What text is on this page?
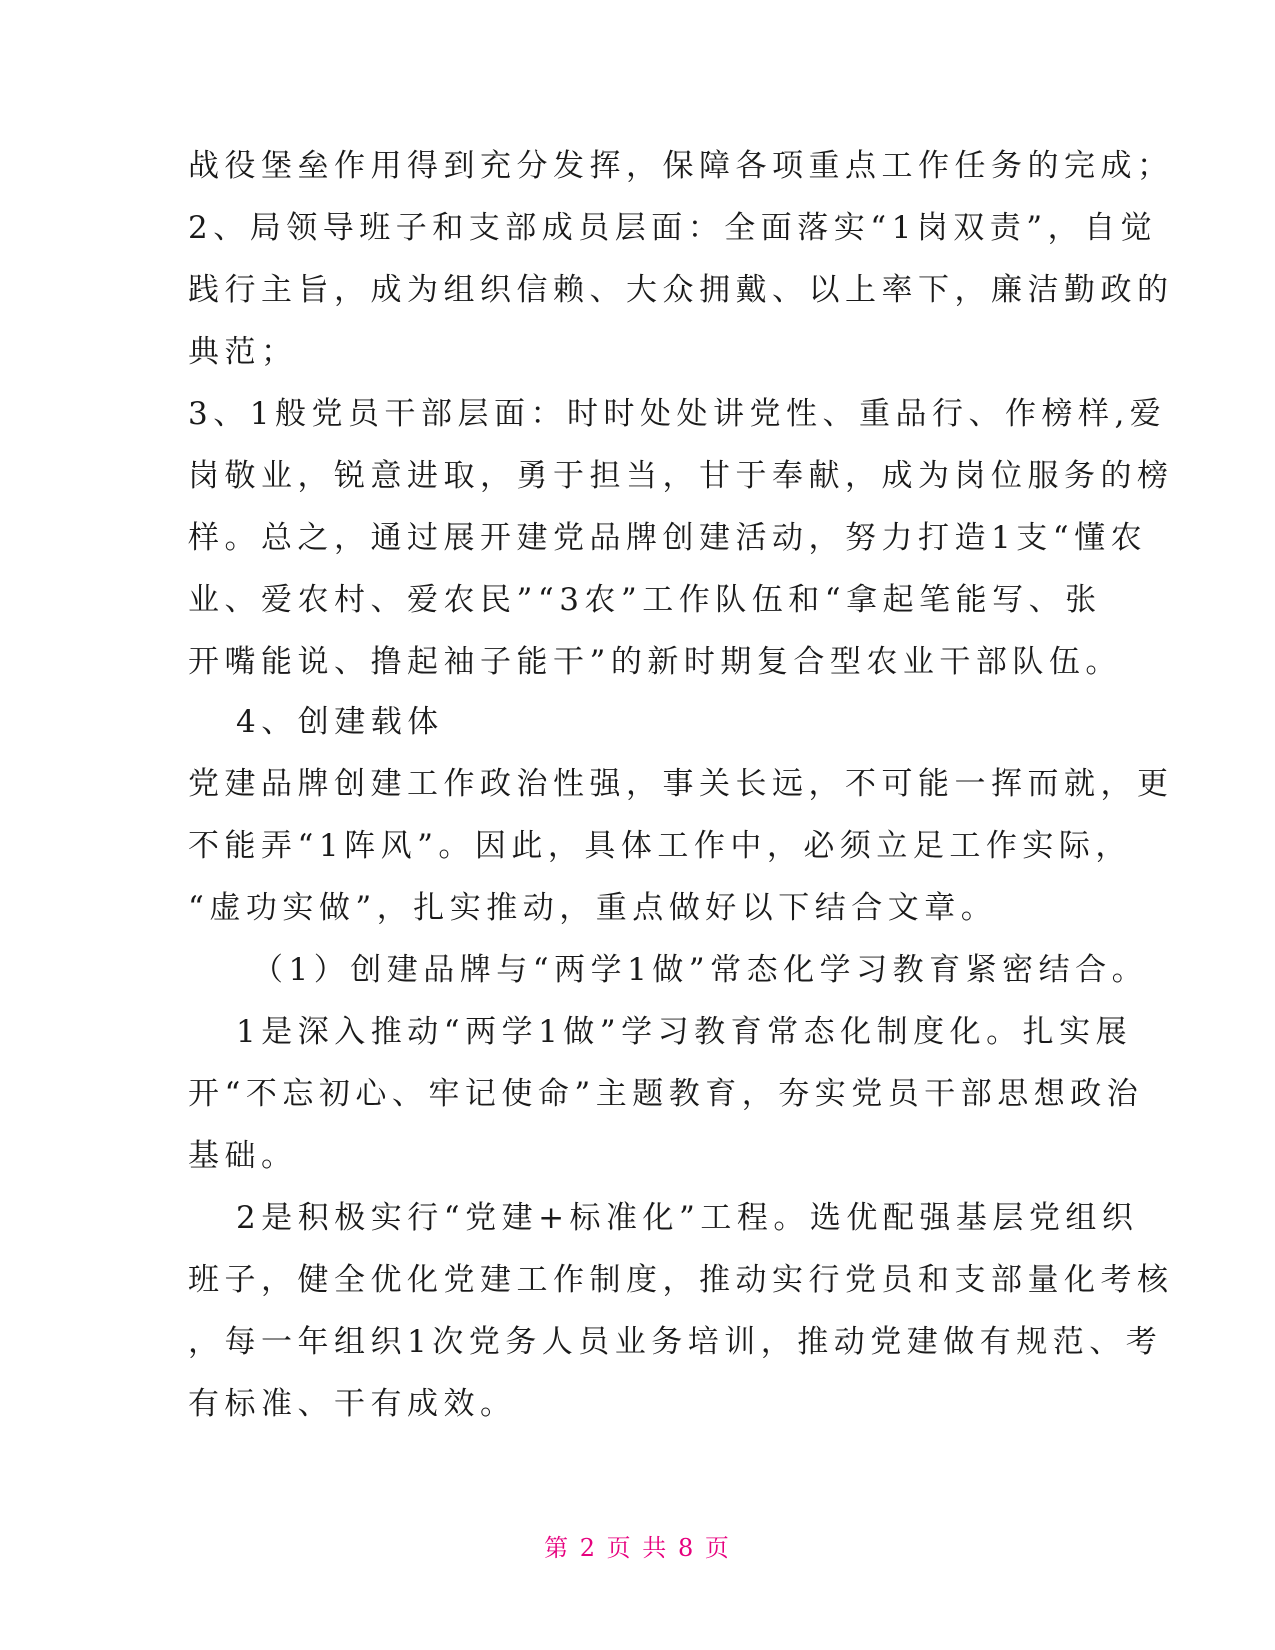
战役堡垒作用得到充分发挥，保障各项重点工作任务的完成；
2、局领导班子和支部成员层面：全面落实“1岗双责”，自觉
践行主旨，成为组织信赖、大众拥戴、以上率下，廉洁勤政的
典范；
3、1般党员干部层面：时时处处讲党性、重品行、作榜样,爱
岗敬业，锐意进取，勇于担当，甘于奉献，成为岗位服务的榜
样。总之，通过展开建党品牌创建活动，努力打造1支“懂农
业、爱农村、爱农民”“3农”工作队伍和“拿起笔能写、张
开嘴能说、撸起袖子能干”的新时期复合型农业干部队伍。
4、创建载体
党建品牌创建工作政治性强，事关长远，不可能一挥而就，更
不能弄“1阵风”。因此，具体工作中，必须立足工作实际，
“虚功实做”，扎实推动，重点做好以下结合文章。
（1）创建品牌与“两学1做”常态化学习教育紧密结合。
1是深入推动“两学1做”学习教育常态化制度化。扎实展
开“不忘初心、牢记使命”主题教育，夯实党员干部思想政治
基础。
2是积极实行“党建+标准化”工程。选优配强基层党组织
班子，健全优化党建工作制度，推动实行党员和支部量化考核
，每一年组织1次党务人员业务培训，推动党建做有规范、考
有标准、干有成效。
第 2 页 共 8 页
